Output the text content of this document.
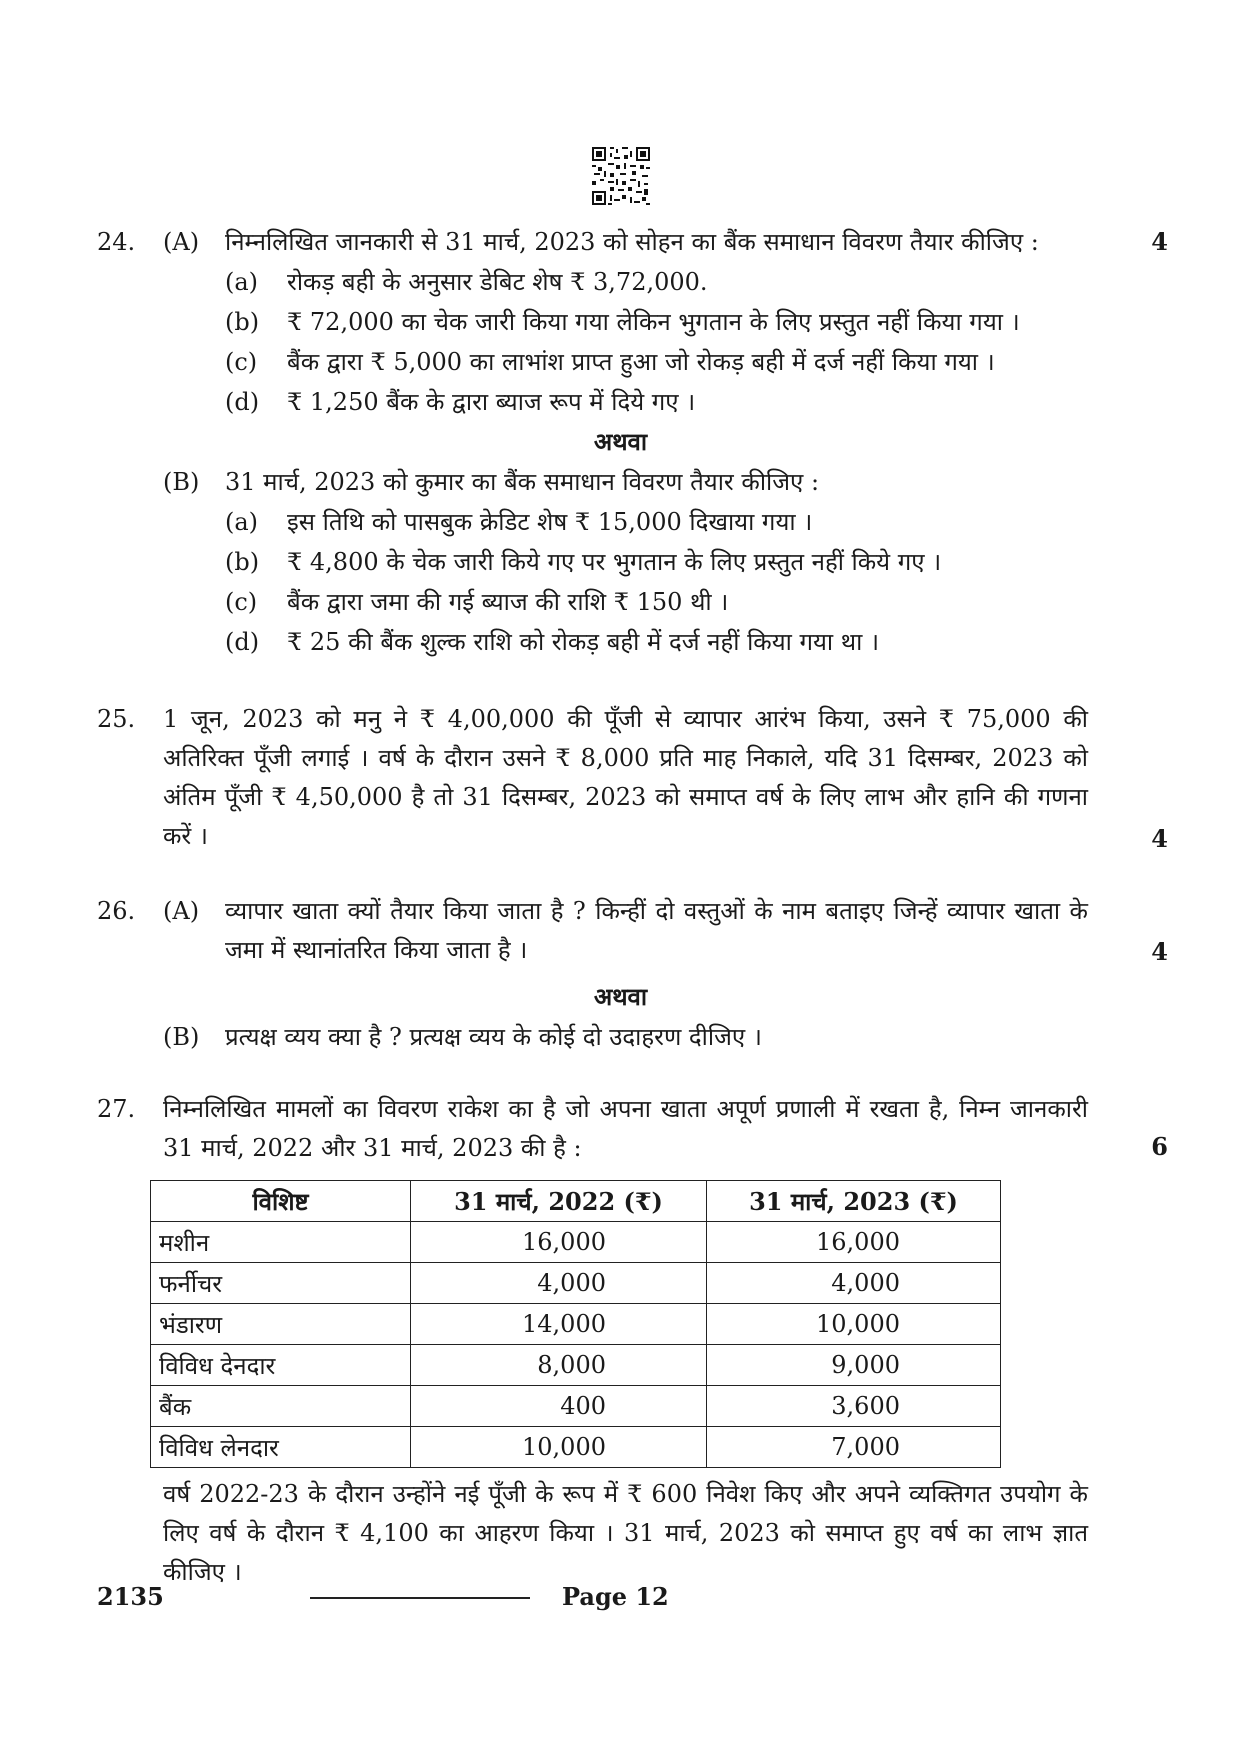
24.	(A) निम्नलिखित जानकारी से 31 मार्च, 2023 को सोहन का बैंक समाधान विवरण तैयार कीजिए :	4
(a) रोकड़ बही के अनुसार डेबिट शेष ₹ 3,72,000.
(b) ₹ 72,000 का चेक जारी किया गया लेकिन भुगतान के लिए प्रस्तुत नहीं किया गया ।
(c) बैंक द्वारा ₹ 5,000 का लाभांश प्राप्त हुआ जो रोकड़ बही में दर्ज नहीं किया गया ।
(d) ₹ 1,250 बैंक के द्वारा ब्याज रूप में दिये गए ।
अथवा
(B) 31 मार्च, 2023 को कुमार का बैंक समाधान विवरण तैयार कीजिए :
(a) इस तिथि को पासबुक क्रेडिट शेष ₹ 15,000 दिखाया गया ।
(b) ₹ 4,800 के चेक जारी किये गए पर भुगतान के लिए प्रस्तुत नहीं किये गए ।
(c) बैंक द्वारा जमा की गई ब्याज की राशि ₹ 150 थी ।
(d) ₹ 25 की बैंक शुल्क राशि को रोकड़ बही में दर्ज नहीं किया गया था ।
25.	1 जून, 2023 को मनु ने ₹ 4,00,000 की पूँजी से व्यापार आरंभ किया, उसने ₹ 75,000 की अतिरिक्त पूँजी लगाई । वर्ष के दौरान उसने ₹ 8,000 प्रति माह निकाले, यदि 31 दिसम्बर, 2023 को अंतिम पूँजी ₹ 4,50,000 है तो 31 दिसम्बर, 2023 को समाप्त वर्ष के लिए लाभ और हानि की गणना करें ।	4
26.	(A) व्यापार खाता क्यों तैयार किया जाता है ? किन्हीं दो वस्तुओं के नाम बताइए जिन्हें व्यापार खाता के जमा में स्थानांतरित किया जाता है ।	4
अथवा
(B) प्रत्यक्ष व्यय क्या है ? प्रत्यक्ष व्यय के कोई दो उदाहरण दीजिए ।
27.	निम्नलिखित मामलों का विवरण राकेश का है जो अपना खाता अपूर्ण प्रणाली में रखता है, निम्न जानकारी 31 मार्च, 2022 और 31 मार्च, 2023 की है :	6
विशिष्ट	31 मार्च, 2022 (₹)	31 मार्च, 2023 (₹)
मशीन	16,000	16,000
फर्नीचर	4,000	4,000
भंडारण	14,000	10,000
विविध देनदार	8,000	9,000
बैंक	400	3,600
विविध लेनदार	10,000	7,000
वर्ष 2022-23 के दौरान उन्होंने नई पूँजी के रूप में ₹ 600 निवेश किए और अपने व्यक्तिगत उपयोग के लिए वर्ष के दौरान ₹ 4,100 का आहरण किया । 31 मार्च, 2023 को समाप्त हुए वर्ष का लाभ ज्ञात कीजिए ।
2135	Page 12
